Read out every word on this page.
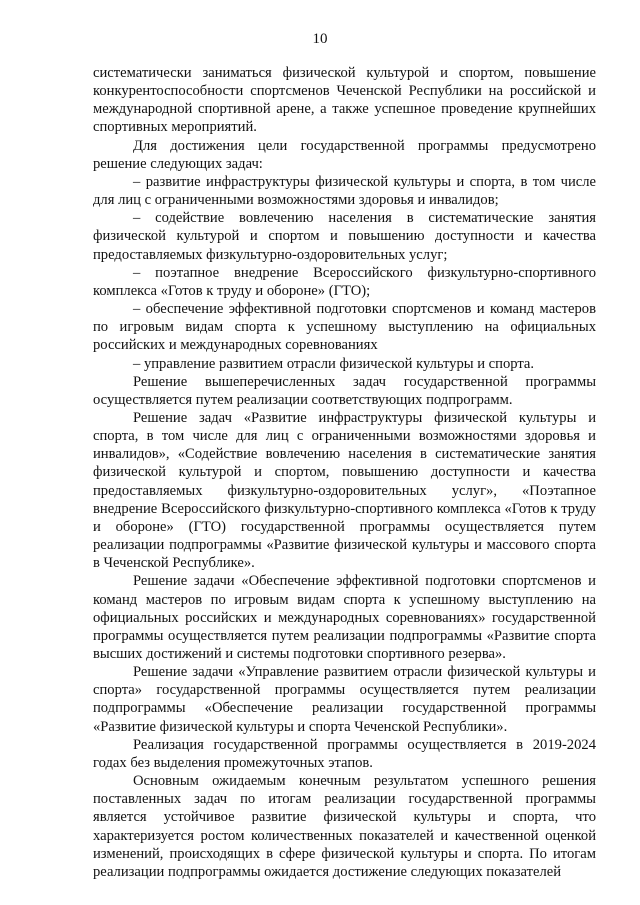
10

систематически заниматься физической культурой и спортом, повышение конкурентоспособности спортсменов Чеченской Республики на российской и международной спортивной арене, а также успешное проведение крупнейших спортивных мероприятий.

Для достижения цели государственной программы предусмотрено решение следующих задач:

– развитие инфраструктуры физической культуры и спорта, в том числе для лиц с ограниченными возможностями здоровья и инвалидов;

– содействие вовлечению населения в систематические занятия физической культурой и спортом и повышению доступности и качества предоставляемых физкультурно-оздоровительных услуг;

– поэтапное внедрение Всероссийского физкультурно-спортивного комплекса «Готов к труду и обороне» (ГТО);

– обеспечение эффективной подготовки спортсменов и команд мастеров по игровым видам спорта к успешному выступлению на официальных российских и международных соревнованиях

– управление развитием отрасли физической культуры и спорта.

Решение вышеперечисленных задач государственной программы осуществляется путем реализации соответствующих подпрограмм.

Решение задач «Развитие инфраструктуры физической культуры и спорта, в том числе для лиц с ограниченными возможностями здоровья и инвалидов», «Содействие вовлечению населения в систематические занятия физической культурой и спортом, повышению доступности и качества предоставляемых физкультурно-оздоровительных услуг», «Поэтапное внедрение Всероссийского физкультурно-спортивного комплекса «Готов к труду и обороне» (ГТО) государственной программы осуществляется путем реализации подпрограммы «Развитие физической культуры и массового спорта в Чеченской Республике».

Решение задачи «Обеспечение эффективной подготовки спортсменов и команд мастеров по игровым видам спорта к успешному выступлению на официальных российских и международных соревнованиях» государственной программы осуществляется путем реализации подпрограммы «Развитие спорта высших достижений и системы подготовки спортивного резерва».

Решение задачи «Управление развитием отрасли физической культуры и спорта» государственной программы осуществляется путем реализации подпрограммы «Обеспечение реализации государственной программы «Развитие физической культуры и спорта Чеченской Республики».

Реализация государственной программы осуществляется в 2019-2024 годах без выделения промежуточных этапов.

Основным ожидаемым конечным результатом успешного решения поставленных задач по итогам реализации государственной программы является устойчивое развитие физической культуры и спорта, что характеризуется ростом количественных показателей и качественной оценкой изменений, происходящих в сфере физической культуры и спорта. По итогам реализации подпрограммы ожидается достижение следующих показателей
